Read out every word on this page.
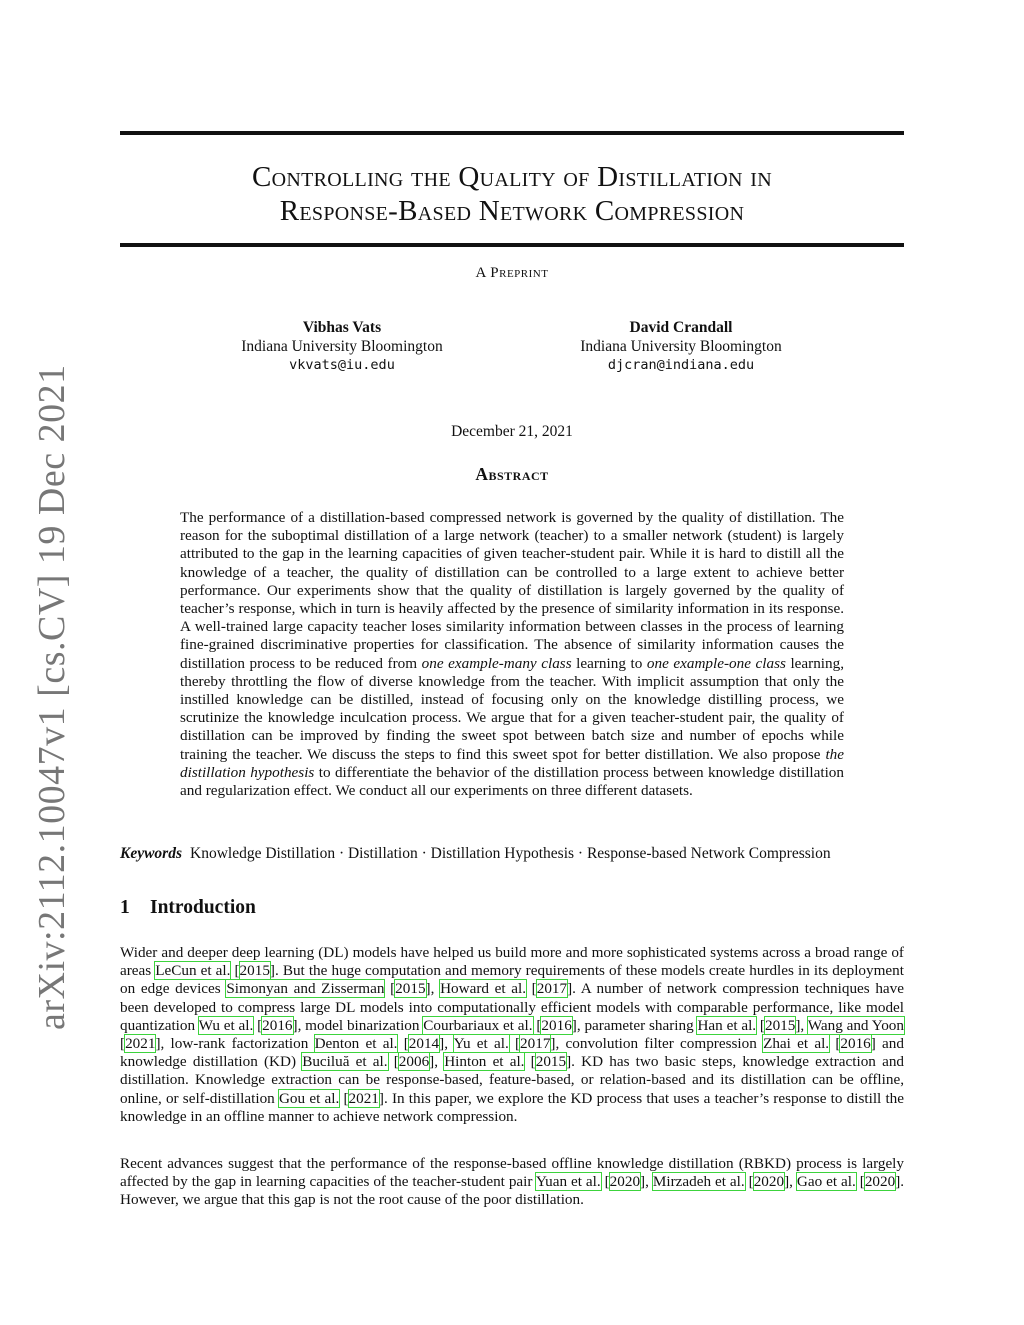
arXiv:2112.10047v1 [cs.CV] 19 Dec 2021
Controlling the Quality of Distillation in
Response-Based Network Compression
A Preprint
Vibhas Vats
Indiana University Bloomington
vkvats@iu.edu
David Crandall
Indiana University Bloomington
djcran@indiana.edu
December 21, 2021
Abstract
The performance of a distillation-based compressed network is governed by the quality of distillation. The reason for the suboptimal distillation of a large network (teacher) to a smaller network (student) is largely attributed to the gap in the learning capacities of given teacher-student pair. While it is hard to distill all the knowledge of a teacher, the quality of distillation can be controlled to a large extent to achieve better performance. Our experiments show that the quality of distillation is largely governed by the quality of teacher’s response, which in turn is heavily affected by the presence of similarity information in its response. A well-trained large capacity teacher loses similarity information between classes in the process of learning fine-grained discriminative properties for classification. The absence of similarity information causes the distillation process to be reduced from one example-many class learning to one example-one class learning, thereby throttling the flow of diverse knowledge from the teacher. With implicit assumption that only the instilled knowledge can be distilled, instead of focusing only on the knowledge distilling process, we scrutinize the knowledge inculcation process. We argue that for a given teacher-student pair, the quality of distillation can be improved by finding the sweet spot between batch size and number of epochs while training the teacher. We discuss the steps to find this sweet spot for better distillation. We also propose the distillation hypothesis to differentiate the behavior of the distillation process between knowledge distillation and regularization effect. We conduct all our experiments on three different datasets.
Keywords Knowledge Distillation · Distillation · Distillation Hypothesis · Response-based Network Compression
1 Introduction
Wider and deeper deep learning (DL) models have helped us build more and more sophisticated systems across a broad range of areas LeCun et al. [2015]. But the huge computation and memory requirements of these models create hurdles in its deployment on edge devices Simonyan and Zisserman [2015], Howard et al. [2017]. A number of network compression techniques have been developed to compress large DL models into computationally efficient models with comparable performance, like model quantization Wu et al. [2016], model binarization Courbariaux et al. [2016], parameter sharing Han et al. [2015], Wang and Yoon [2021], low-rank factorization Denton et al. [2014], Yu et al. [2017], convolution filter compression Zhai et al. [2016] and knowledge distillation (KD) Buciluă et al. [2006], Hinton et al. [2015]. KD has two basic steps, knowledge extraction and distillation. Knowledge extraction can be response-based, feature-based, or relation-based and its distillation can be offline, online, or self-distillation Gou et al. [2021]. In this paper, we explore the KD process that uses a teacher’s response to distill the knowledge in an offline manner to achieve network compression.
Recent advances suggest that the performance of the response-based offline knowledge distillation (RBKD) process is largely affected by the gap in learning capacities of the teacher-student pair Yuan et al. [2020], Mirzadeh et al. [2020], Gao et al. [2020]. However, we argue that this gap is not the root cause of the poor distillation.
